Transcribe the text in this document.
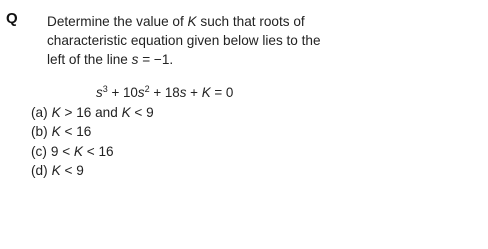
Q Determine the value of K such that roots of
characteristic equation given below lies to the
left of the line s = −1.
$s^3 + 10s^2 + 18s + K = 0$
(a) K > 16 and K < 9
(b) K < 16
(c) 9 < K < 16
(d) K < 9
